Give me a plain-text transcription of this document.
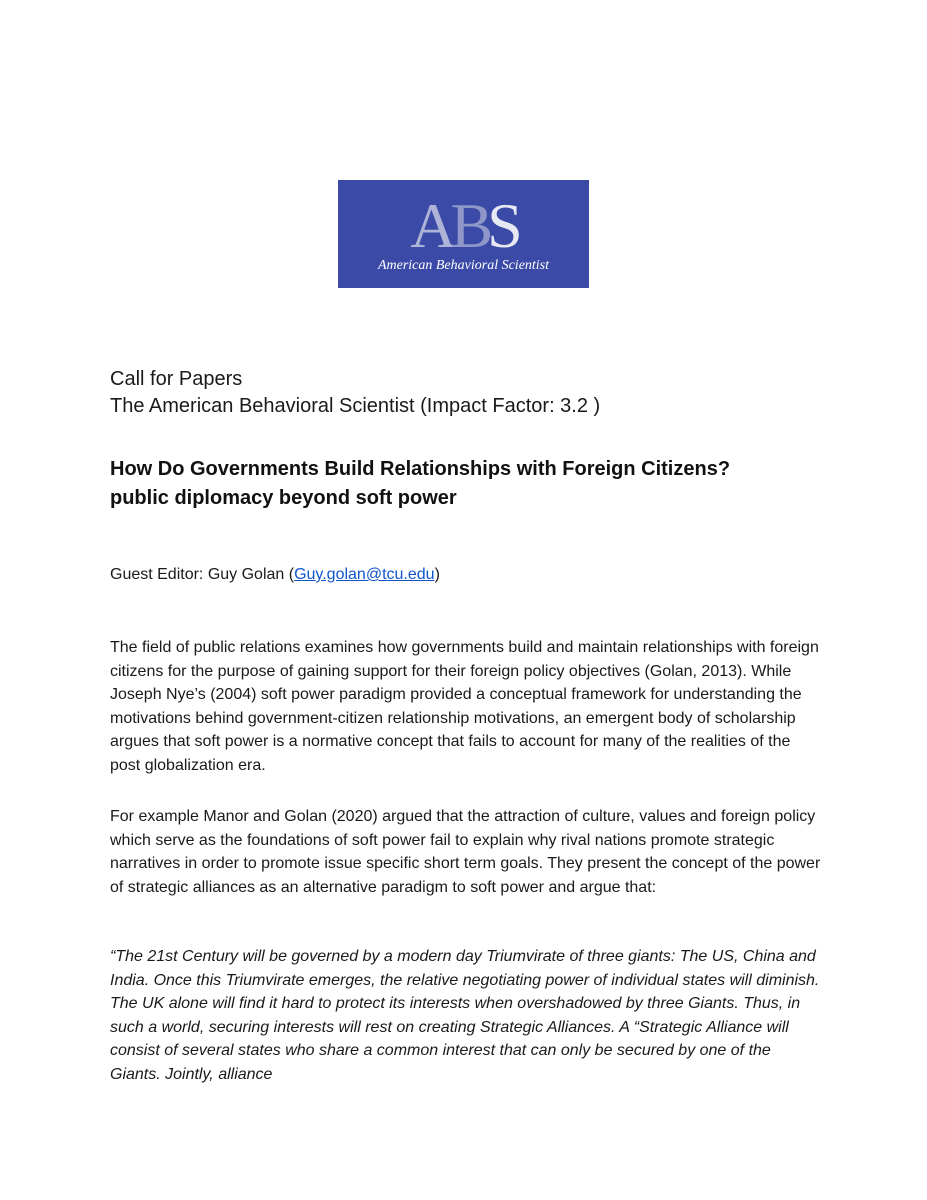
ABS
American Behavioral Scientist
Call for Papers
The American Behavioral Scientist (Impact Factor: 3.2 )
How Do Governments Build Relationships with Foreign Citizens?
public diplomacy beyond soft power
Guest Editor: Guy Golan (Guy.golan@tcu.edu)

The field of public relations examines how governments build and maintain relationships with foreign citizens for the purpose of gaining support for their foreign policy objectives (Golan, 2013). While Joseph Nye’s (2004) soft power paradigm provided a conceptual framework for understanding the motivations behind government-citizen relationship motivations, an emergent body of scholarship argues that soft power is a normative concept that fails to account for many of the realities of the post globalization era.

For example Manor and Golan (2020) argued that the attraction of culture, values and foreign policy which serve as the foundations of soft power fail to explain why rival nations promote strategic narratives in order to promote issue specific short term goals. They present the concept of the power of strategic alliances as an alternative paradigm to soft power and argue that:

“The 21st Century will be governed by a modern day Triumvirate of three giants: The US, China and India. Once this Triumvirate emerges, the relative negotiating power of individual states will diminish. The UK alone will find it hard to protect its interests when overshadowed by three Giants. Thus, in such a world, securing interests will rest on creating Strategic Alliances. A “Strategic Alliance will consist of several states who share a common interest that can only be secured by one of the Giants. Jointly, alliance
